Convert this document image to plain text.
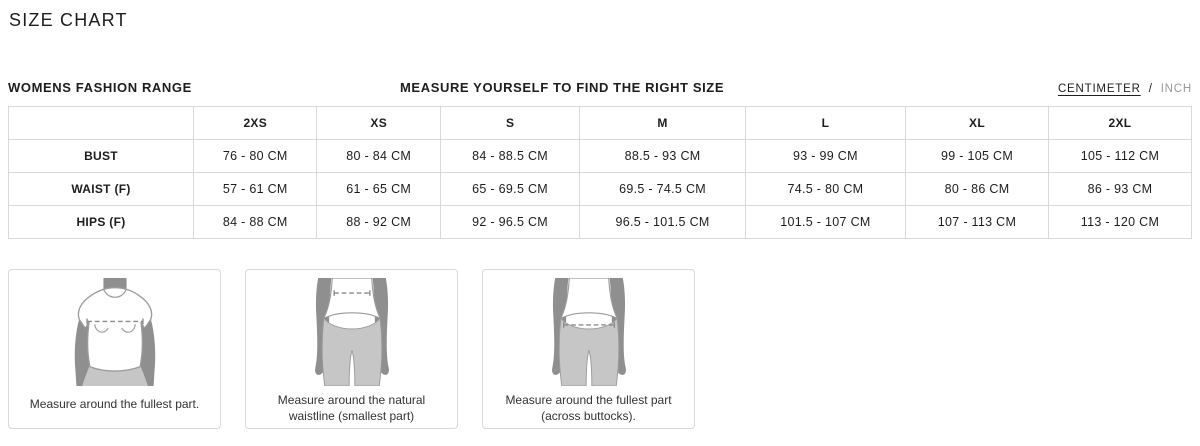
SIZE CHART
WOMENS FASHION RANGE	MEASURE YOURSELF TO FIND THE RIGHT SIZE	CENTIMETER / INCH
	2XS	XS	S	M	L	XL	2XL
BUST	76 - 80 CM	80 - 84 CM	84 - 88.5 CM	88.5 - 93 CM	93 - 99 CM	99 - 105 CM	105 - 112 CM
WAIST (F)	57 - 61 CM	61 - 65 CM	65 - 69.5 CM	69.5 - 74.5 CM	74.5 - 80 CM	80 - 86 CM	86 - 93 CM
HIPS (F)	84 - 88 CM	88 - 92 CM	92 - 96.5 CM	96.5 - 101.5 CM	101.5 - 107 CM	107 - 113 CM	113 - 120 CM
Measure around the fullest part.	Measure around the natural waistline (smallest part)
Measure around the fullest part (across buttocks).
